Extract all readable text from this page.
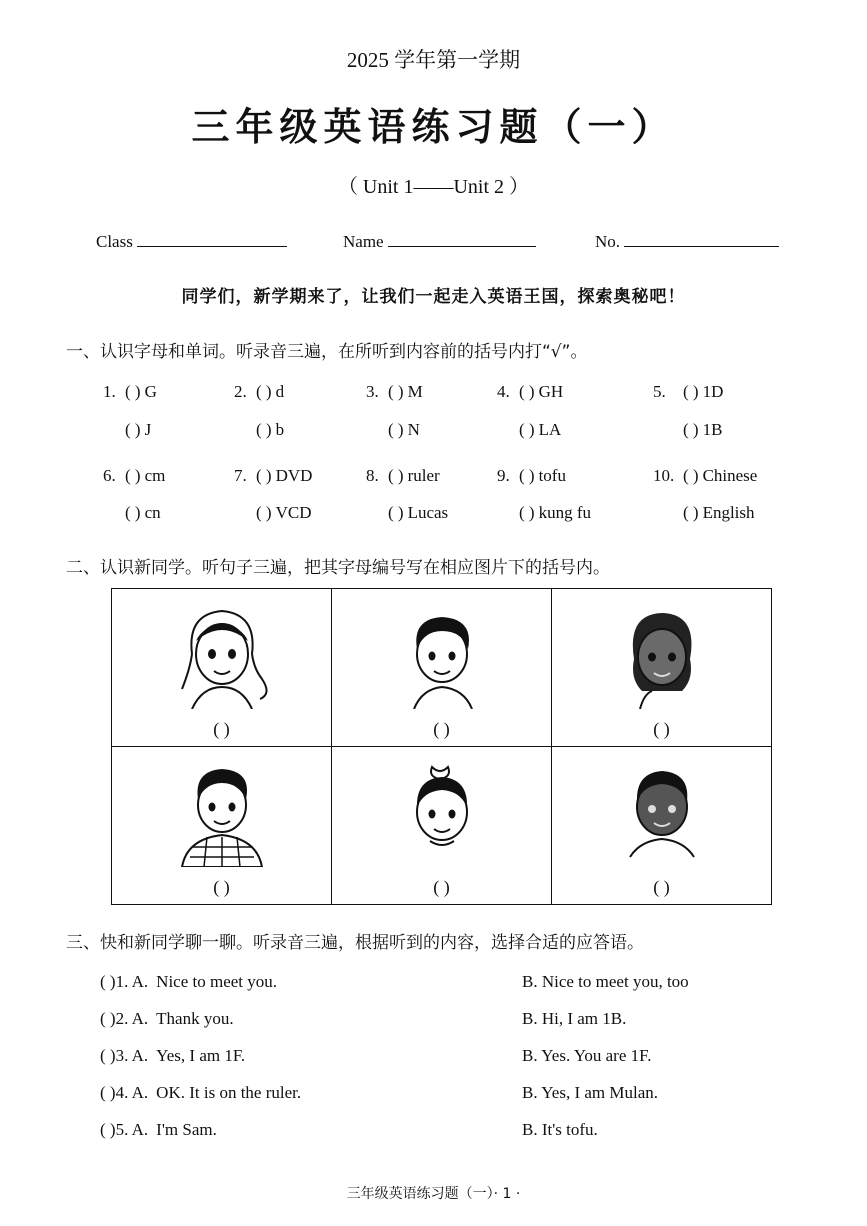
2025 学年第一学期
三年级英语练习题（一）
（ Unit 1——Unit 2 ）
Class	Name	No.
同学们，新学期来了，让我们一起走入英语王国，探索奥秘吧！
一、认识字母和单词。听录音三遍，在所听到内容前的括号内打“√”。
1. ( ) G
( ) J
2. ( ) d
( ) b
3. ( ) M
( ) N
4. ( ) GH
( ) LA
5. ( ) 1D
( ) 1B
6. ( ) cm
( ) cn
7. ( ) DVD
( ) VCD
8. ( ) ruler
( ) Lucas
9. ( ) tofu
( ) kung fu
10. ( ) Chinese
( ) English
二、认识新同学。听句子三遍，把其字母编号写在相应图片下的括号内。
( )	( )	( )

( )	( )	( )
三、快和新同学聊一聊。听录音三遍，根据听到的内容，选择合适的应答语。
( )1. A. Nice to meet you.	B. Nice to meet you, too
( )2. A. Thank you.	B. Hi, I am 1B.
( )3. A. Yes, I am 1F.	B. Yes. You are 1F.
( )4. A. OK. It is on the ruler.	B. Yes, I am Mulan.
( )5. A. I'm Sam.	B. It's tofu.
三年级英语练习题（一）· 1 ·
